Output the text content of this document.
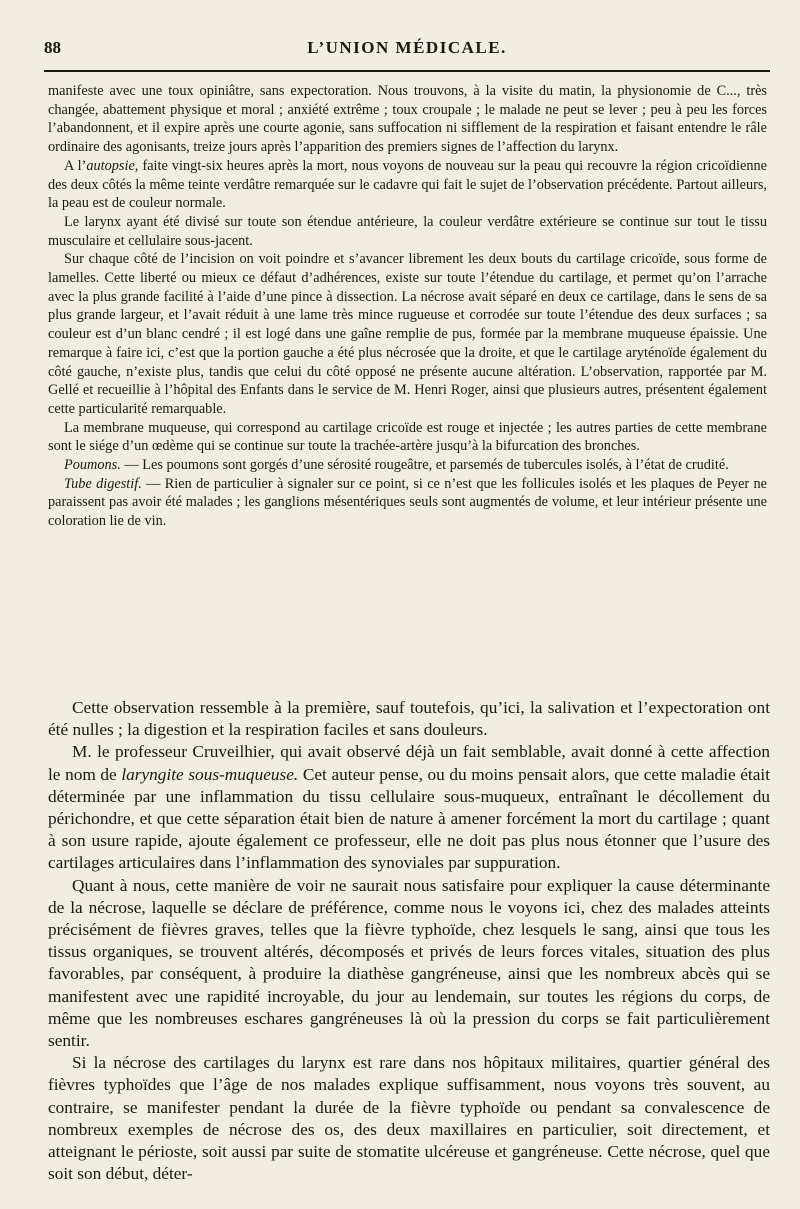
88	L’UNION MÉDICALE.

manifeste avec une toux opiniâtre, sans expectoration. Nous trouvons, à la visite du matin, la physionomie de C..., très changée, abattement physique et moral ; anxiété extrême ; toux croupale ; le malade ne peut se lever ; peu à peu les forces l’abandonnent, et il expire après une courte agonie, sans suffocation ni sifflement de la respiration et faisant entendre le râle ordinaire des agonisants, treize jours après l’apparition des premiers signes de l’affection du larynx.

A l’autopsie, faite vingt-six heures après la mort, nous voyons de nouveau sur la peau qui recouvre la région cricoïdienne des deux côtés la même teinte verdâtre remarquée sur le cadavre qui fait le sujet de l’observation précédente. Partout ailleurs, la peau est de couleur normale.

Le larynx ayant été divisé sur toute son étendue antérieure, la couleur verdâtre extérieure se continue sur tout le tissu musculaire et cellulaire sous-jacent.

Sur chaque côté de l’incision on voit poindre et s’avancer librement les deux bouts du cartilage cricoïde, sous forme de lamelles. Cette liberté ou mieux ce défaut d’adhérences, existe sur toute l’étendue du cartilage, et permet qu’on l’arrache avec la plus grande facilité à l’aide d’une pince à dissection. La nécrose avait séparé en deux ce cartilage, dans le sens de sa plus grande largeur, et l’avait réduit à une lame très mince rugueuse et corrodée sur toute l’étendue des deux surfaces ; sa couleur est d’un blanc cendré ; il est logé dans une gaîne remplie de pus, formée par la membrane muqueuse épaissie. Une remarque à faire ici, c’est que la portion gauche a été plus nécrosée que la droite, et que le cartilage aryténoïde également du côté gauche, n’existe plus, tandis que celui du côté opposé ne présente aucune altération. L’observation, rapportée par M. Gellé et recueillie à l’hôpital des Enfants dans le service de M. Henri Roger, ainsi que plusieurs autres, présentent également cette particularité remarquable.

La membrane muqueuse, qui correspond au cartilage cricoïde est rouge et injectée ; les autres parties de cette membrane sont le siége d’un œdème qui se continue sur toute la trachée-artère jusqu’à la bifurcation des bronches.

Poumons. — Les poumons sont gorgés d’une sérosité rougeâtre, et parsemés de tubercules isolés, à l’état de crudité.

Tube digestif. — Rien de particulier à signaler sur ce point, si ce n’est que les follicules isolés et les plaques de Peyer ne paraissent pas avoir été malades ; les ganglions mésentériques seuls sont augmentés de volume, et leur intérieur présente une coloration lie de vin.

Cette observation ressemble à la première, sauf toutefois, qu’ici, la salivation et l’expectoration ont été nulles ; la digestion et la respiration faciles et sans douleurs.

M. le professeur Cruveilhier, qui avait observé déjà un fait semblable, avait donné à cette affection le nom de laryngite sous-muqueuse. Cet auteur pense, ou du moins pensait alors, que cette maladie était déterminée par une inflammation du tissu cellulaire sous-muqueux, entraînant le décollement du périchondre, et que cette séparation était bien de nature à amener forcément la mort du cartilage ; quant à son usure rapide, ajoute également ce professeur, elle ne doit pas plus nous étonner que l’usure des cartilages articulaires dans l’inflammation des synoviales par suppuration.

Quant à nous, cette manière de voir ne saurait nous satisfaire pour expliquer la cause déterminante de la nécrose, laquelle se déclare de préférence, comme nous le voyons ici, chez des malades atteints précisément de fièvres graves, telles que la fièvre typhoïde, chez lesquels le sang, ainsi que tous les tissus organiques, se trouvent altérés, décomposés et privés de leurs forces vitales, situation des plus favorables, par conséquent, à produire la diathèse gangréneuse, ainsi que les nombreux abcès qui se manifestent avec une rapidité incroyable, du jour au lendemain, sur toutes les régions du corps, de même que les nombreuses eschares gangréneuses là où la pression du corps se fait particulièrement sentir.

Si la nécrose des cartilages du larynx est rare dans nos hôpitaux militaires, quartier général des fièvres typhoïdes que l’âge de nos malades explique suffisamment, nous voyons très souvent, au contraire, se manifester pendant la durée de la fièvre typhoïde ou pendant sa convalescence de nombreux exemples de nécrose des os, des deux maxillaires en particulier, soit directement, et atteignant le périoste, soit aussi par suite de stomatite ulcéreuse et gangréneuse. Cette nécrose, quel que soit son début, déter-
